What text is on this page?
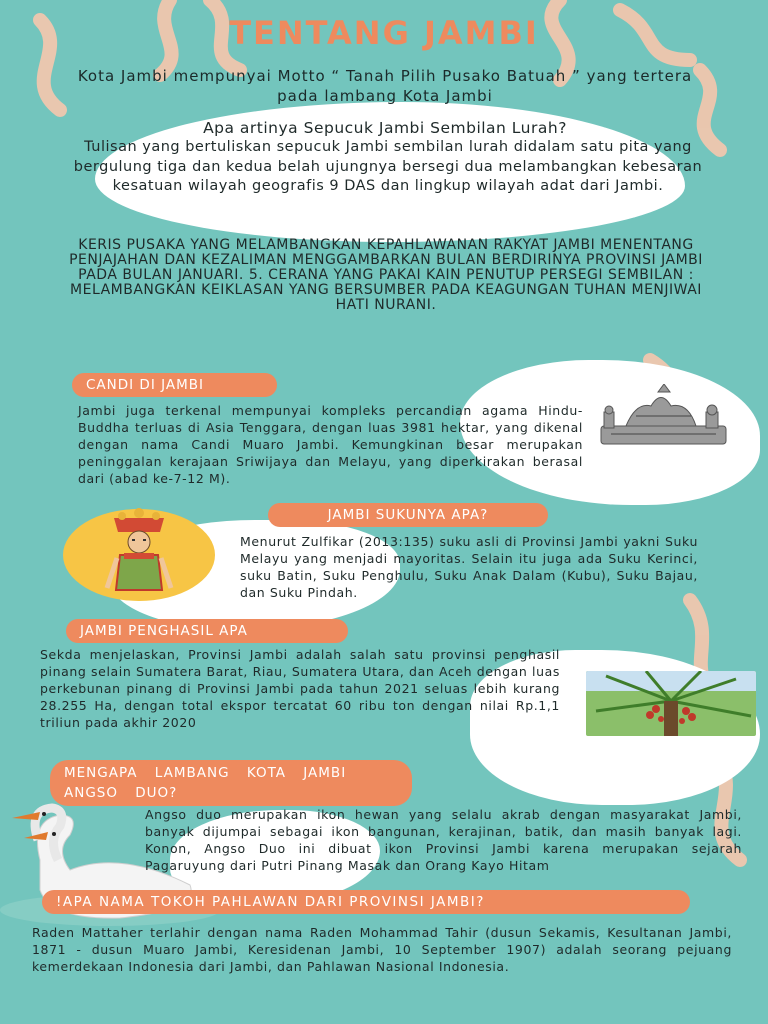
TENTANG JAMBI
Kota Jambi mempunyai Motto “ Tanah Pilih Pusako Batuah ” yang tertera pada lambang Kota Jambi
Apa artinya Sepucuk Jambi Sembilan Lurah?
Tulisan yang bertuliskan sepucuk Jambi sembilan lurah didalam satu pita yang bergulung tiga dan kedua belah ujungnya bersegi dua melambangkan kebesaran kesatuan wilayah geografis 9 DAS dan lingkup wilayah adat dari Jambi.
KERIS PUSAKA YANG MELAMBANGKAN KEPAHLAWANAN RAKYAT JAMBI MENENTANG PENJAJAHAN DAN KEZALIMAN MENGGAMBARKAN BULAN BERDIRINYA PROVINSI JAMBI PADA BULAN JANUARI. 5. CERANA YANG PAKAI KAIN PENUTUP PERSEGI SEMBILAN : MELAMBANGKAN KEIKLASAN YANG BERSUMBER PADA KEAGUNGAN TUHAN MENJIWAI HATI NURANI.
CANDI DI JAMBI
Jambi juga terkenal mempunyai kompleks percandian agama Hindu-Buddha terluas di Asia Tenggara, dengan luas 3981 hektar, yang dikenal dengan nama Candi Muaro Jambi. Kemungkinan besar merupakan peninggalan kerajaan Sriwijaya dan Melayu, yang diperkirakan berasal dari (abad ke-7-12 M).
JAMBI SUKUNYA APA?
Menurut Zulfikar (2013:135) suku asli di Provinsi Jambi yakni Suku Melayu yang menjadi mayoritas. Selain itu juga ada Suku Kerinci, suku Batin, Suku Penghulu, Suku Anak Dalam (Kubu), Suku Bajau, dan Suku Pindah.
JAMBI PENGHASIL APA
Sekda menjelaskan, Provinsi Jambi adalah salah satu provinsi penghasil pinang selain Sumatera Barat, Riau, Sumatera Utara, dan Aceh dengan luas perkebunan pinang di Provinsi Jambi pada tahun 2021 seluas lebih kurang 28.255 Ha, dengan total ekspor tercatat 60 ribu ton dengan nilai Rp.1,1 triliun pada akhir 2020
MENGAPA LAMBANG KOTA JAMBI ANGSO DUO?
Angso duo merupakan ikon hewan yang selalu akrab dengan masyarakat Jambi, banyak dijumpai sebagai ikon bangunan, kerajinan, batik, dan masih banyak lagi. Konon, Angso Duo ini dibuat ikon Provinsi Jambi karena merupakan sejarah Pagaruyung dari Putri Pinang Masak dan Orang Kayo Hitam
!APA NAMA TOKOH PAHLAWAN DARI PROVINSI JAMBI?
Raden Mattaher terlahir dengan nama Raden Mohammad Tahir (dusun Sekamis, Kesultanan Jambi, 1871 - dusun Muaro Jambi, Keresidenan Jambi, 10 September 1907) adalah seorang pejuang kemerdekaan Indonesia dari Jambi, dan Pahlawan Nasional Indonesia.
